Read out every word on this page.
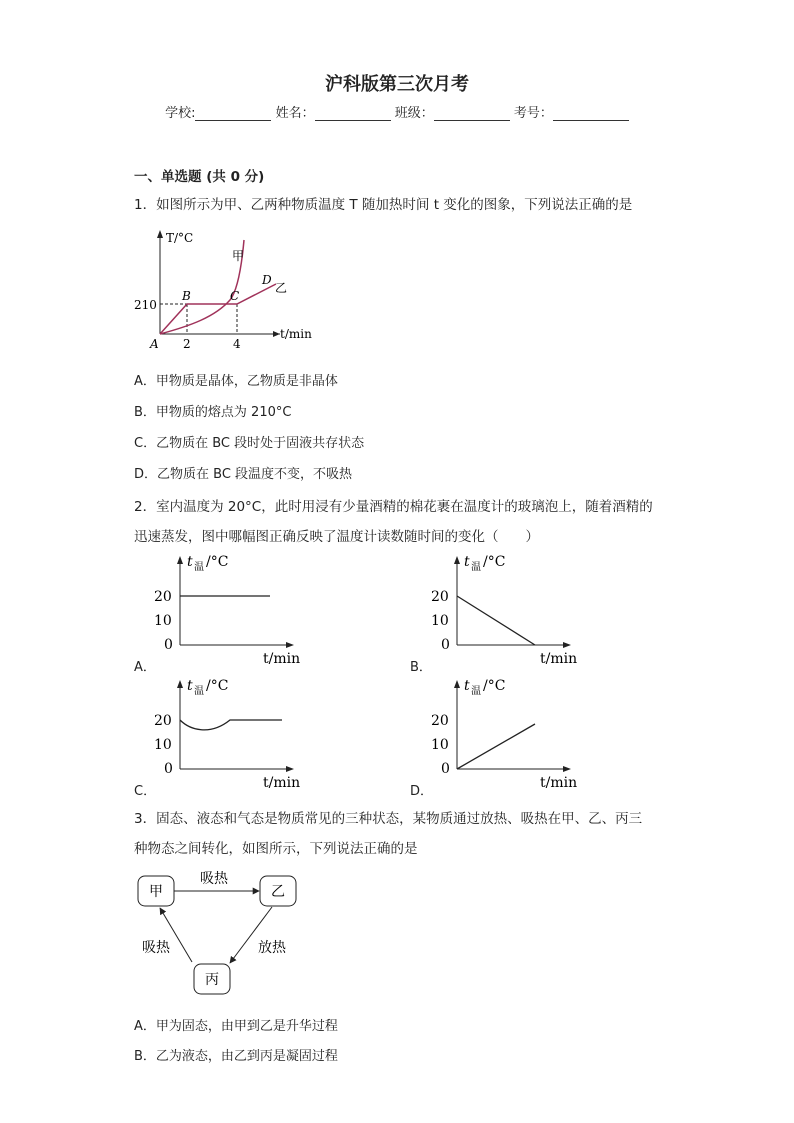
沪科版第三次月考
学校:	姓名：	班级：	考号：
一、单选题 (共 0 分)
1．如图所示为甲、乙两种物质温度 T 随加热时间 t 变化的图象，下列说法正确的是
T/°C
t/min
210
2	4
A
B	C
D
甲
乙
A．甲物质是晶体，乙物质是非晶体
B．甲物质的熔点为 210°C
C．乙物质在 BC 段时处于固液共存状态
D．乙物质在 BC 段温度不变，不吸热
2．室内温度为 20°C，此时用浸有少量酒精的棉花裹在温度计的玻璃泡上，随着酒精的
迅速蒸发，图中哪幅图正确反映了温度计读数随时间的变化（　　）
t 温 /°C
20
10
0
t/min
A．
t 温 /°C
20
10
0
t/min
B．
t 温 /°C
20
10
0
t/min
C．
t 温 /°C
20
10
0
t/min
D．
3．固态、液态和气态是物质常见的三种状态，某物质通过放热、吸热在甲、乙、丙三
种物态之间转化，如图所示，下列说法正确的是
甲	乙
丙
吸热
吸热	放热
A．甲为固态，由甲到乙是升华过程
B．乙为液态，由乙到丙是凝固过程
